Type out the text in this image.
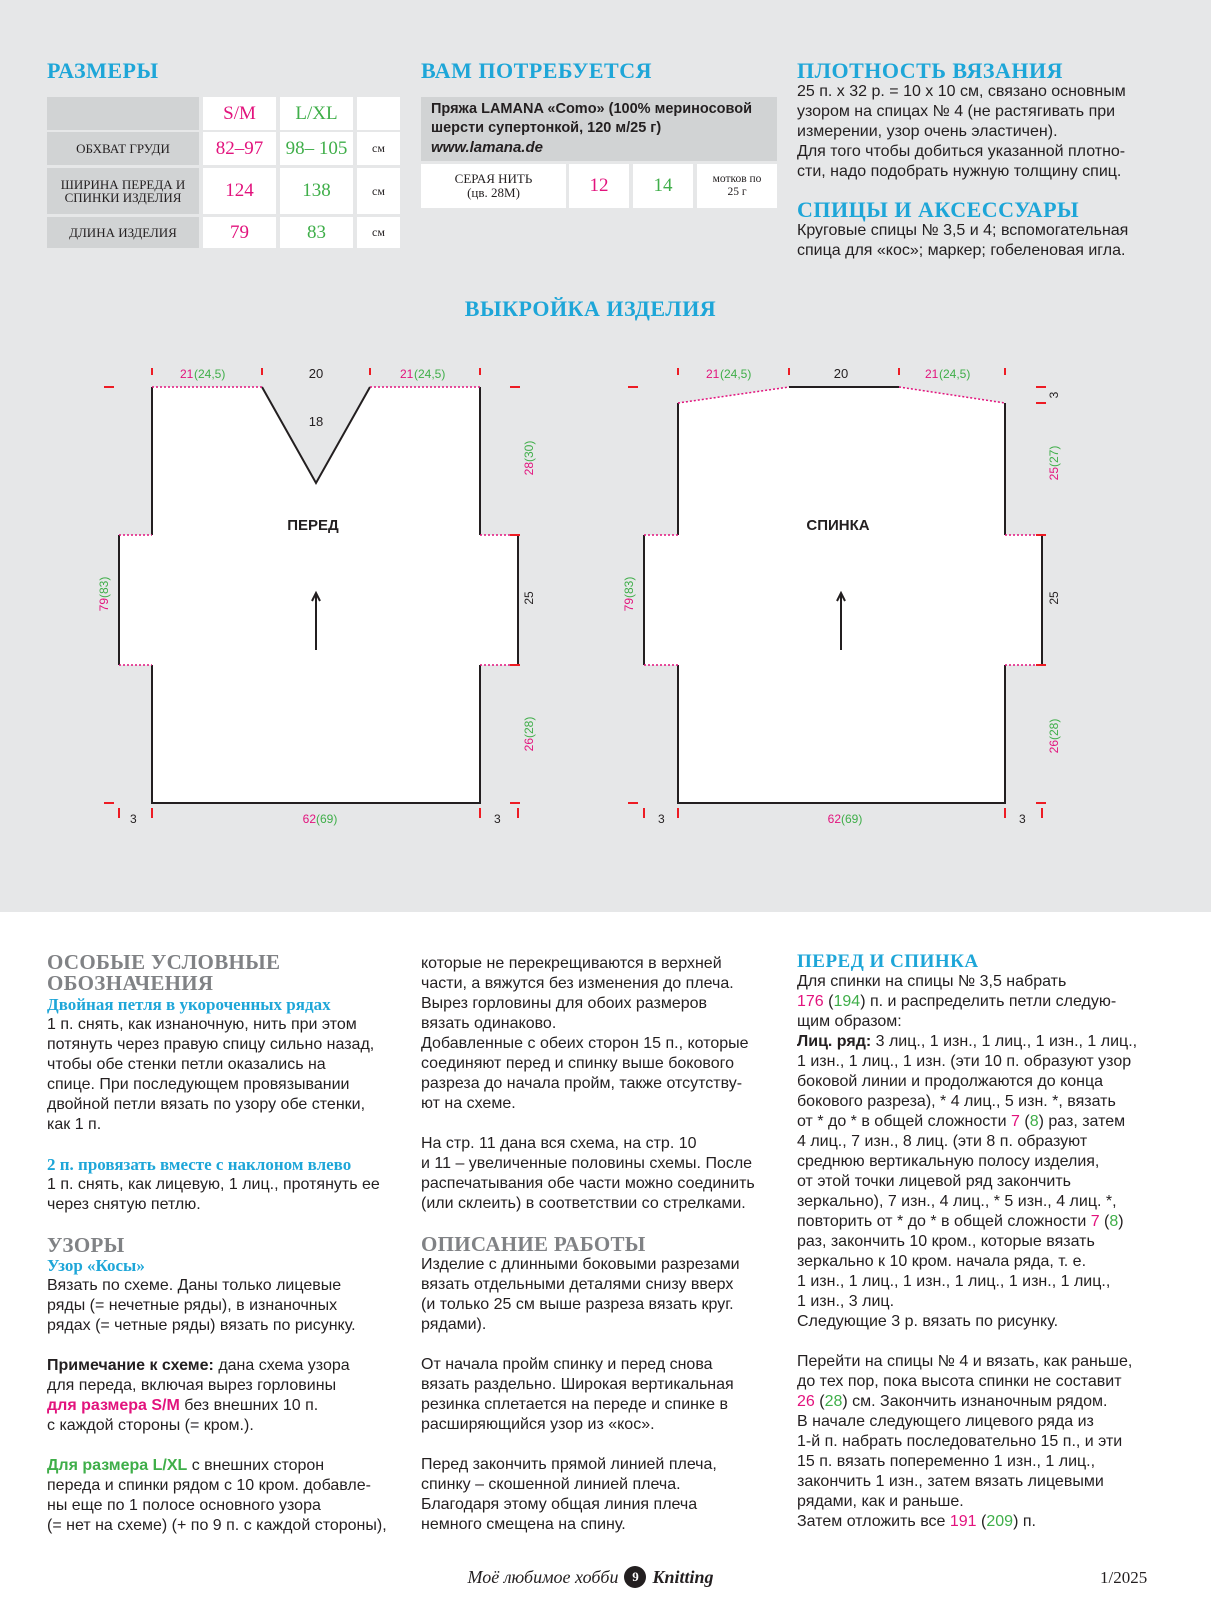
РАЗМЕРЫ
S/M	L/XL
ОБХВАТ ГРУДИ	82–97	98– 105	см
ШИРИНА ПЕРЕДА И СПИНКИ ИЗДЕЛИЯ	124	138	см
ДЛИНА ИЗДЕЛИЯ	79	83	см
ВАМ ПОТРЕБУЕТСЯ
Пряжа LAMANA «Como» (100% мериносовой
шерсти супертонкой, 120 м/25 г)
www.lamana.de
СЕРАЯ НИТЬ
(цв. 28М)	12	14	мотков по 25 г
ПЛОТНОСТЬ ВЯЗАНИЯ
25 п. х 32 р. = 10 х 10 см, связано основным
узором на спицах № 4 (не растягивать при
измерении, узор очень эластичен).
Для того чтобы добиться указанной плотно-
сти, надо подобрать нужную толщину спиц.
СПИЦЫ И АКСЕССУАРЫ
Круговые спицы № 3,5 и 4; вспомогательная
спица для «кос»; маркер; гобеленовая игла.
ВЫКРОЙКА ИЗДЕЛИЯ
ПЕРЕД
21 (24,5)	21 (24,5)
20
18
28
(30)
25
26
(28)
79
(83)
62 (69)
3	3
СПИНКА
21 (24,5)	21 (24,5)
20
3
25
(27)
25
26
(28)
79
(83)
62 (69)
3	3
ОСОБЫЕ УСЛОВНЫЕ
ОБОЗНАЧЕНИЯ
Двойная петля в укороченных рядах
1 п. снять, как изнаночную, нить при этом
потянуть через правую спицу сильно назад,
чтобы обе стенки петли оказались на
спице. При последующем провязывании
двойной петли вязать по узору обе стенки,
как 1 п.
2 п. провязать вместе с наклоном влево
1 п. снять, как лицевую, 1 лиц., протянуть ее
через снятую петлю.
УЗОРЫ
Узор «Косы»
Вязать по схеме. Даны только лицевые
ряды (= нечетные ряды), в изнаночных
рядах (= четные ряды) вязать по рисунку.
Примечание к схеме: дана схема узора
для переда, включая вырез горловины
для размера S/M без внешних 10 п.
с каждой стороны (= кром.).
Для размера L/XL с внешних сторон
переда и спинки рядом с 10 кром. добавле-
ны еще по 1 полосе основного узора
(= нет на схеме) (+ по 9 п. с каждой стороны),
которые не перекрещиваются в верхней
части, а вяжутся без изменения до плеча.
Вырез горловины для обоих размеров
вязать одинаково.
Добавленные с обеих сторон 15 п., которые
соединяют перед и спинку выше бокового
разреза до начала пройм, также отсутству-
ют на схеме.
На стр. 11 дана вся схема, на стр. 10
и 11 – увеличенные половины схемы. После
распечатывания обе части можно соединить
(или склеить) в соответствии со стрелками.
ОПИСАНИЕ РАБОТЫ
Изделие с длинными боковыми разрезами
вязать отдельными деталями снизу вверх
(и только 25 см выше разреза вязать круг.
рядами).
От начала пройм спинку и перед снова
вязать раздельно. Широкая вертикальная
резинка сплетается на переде и спинке в
расширяющийся узор из «кос».
Перед закончить прямой линией плеча,
спинку – скошенной линией плеча.
Благодаря этому общая линия плеча
немного смещена на спину.
ПЕРЕД И СПИНКА
Для спинки на спицы № 3,5 набрать
176 (194) п. и распределить петли следую-
щим образом:
Лиц. ряд: 3 лиц., 1 изн., 1 лиц., 1 изн., 1 лиц.,
1 изн., 1 лиц., 1 изн. (эти 10 п. образуют узор
боковой линии и продолжаются до конца
бокового разреза), * 4 лиц., 5 изн. *, вязать
от * до * в общей сложности 7 (8) раз, затем
4 лиц., 7 изн., 8 лиц. (эти 8 п. образуют
среднюю вертикальную полосу изделия,
от этой точки лицевой ряд закончить
зеркально), 7 изн., 4 лиц., * 5 изн., 4 лиц. *,
повторить от * до * в общей сложности 7 (8)
раз, закончить 10 кром., которые вязать
зеркально к 10 кром. начала ряда, т. е.
1 изн., 1 лиц., 1 изн., 1 лиц., 1 изн., 1 лиц.,
1 изн., 3 лиц.
Следующие 3 р. вязать по рисунку.
Перейти на спицы № 4 и вязать, как раньше,
до тех пор, пока высота спинки не составит
26 (28) см. Закончить изнаночным рядом.
В начале следующего лицевого ряда из
1-й п. набрать последовательно 15 п., и эти
15 п. вязать попеременно 1 изн., 1 лиц.,
закончить 1 изн., затем вязать лицевыми
рядами, как и раньше.
Затем отложить все 191 (209) п.
Моё любимое хобби	9 Knitting	1/2025
